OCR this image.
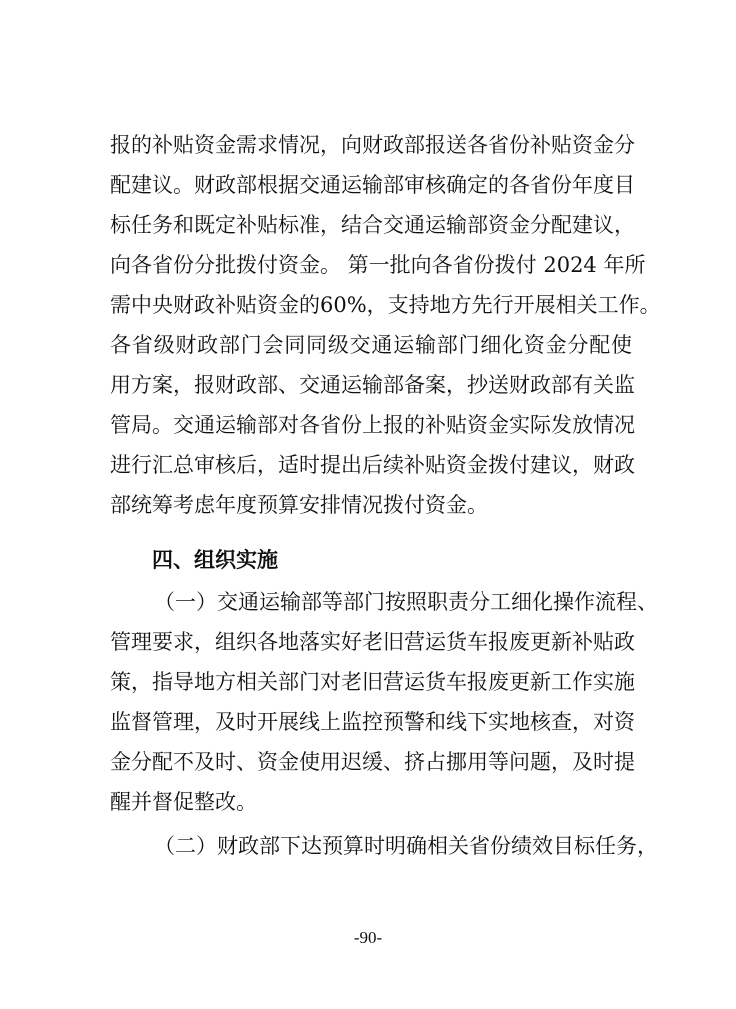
报的补贴资金需求情况，向财政部报送各省份补贴资金分
配建议。财政部根据交通运输部审核确定的各省份年度目
标任务和既定补贴标准，结合交通运输部资金分配建议，
向各省份分批拨付资金。 第一批向各省份拨付 2024 年所
需中央财政补贴资金的60%，支持地方先行开展相关工作。
各省级财政部门会同同级交通运输部门细化资金分配使
用方案，报财政部、交通运输部备案，抄送财政部有关监
管局。交通运输部对各省份上报的补贴资金实际发放情况
进行汇总审核后，适时提出后续补贴资金拨付建议，财政
部统筹考虑年度预算安排情况拨付资金。
四、组织实施
（一）交通运输部等部门按照职责分工细化操作流程、
管理要求，组织各地落实好老旧营运货车报废更新补贴政
策，指导地方相关部门对老旧营运货车报废更新工作实施
监督管理，及时开展线上监控预警和线下实地核查，对资
金分配不及时、资金使用迟缓、挤占挪用等问题，及时提
醒并督促整改。
（二）财政部下达预算时明确相关省份绩效目标任务，
-90-
